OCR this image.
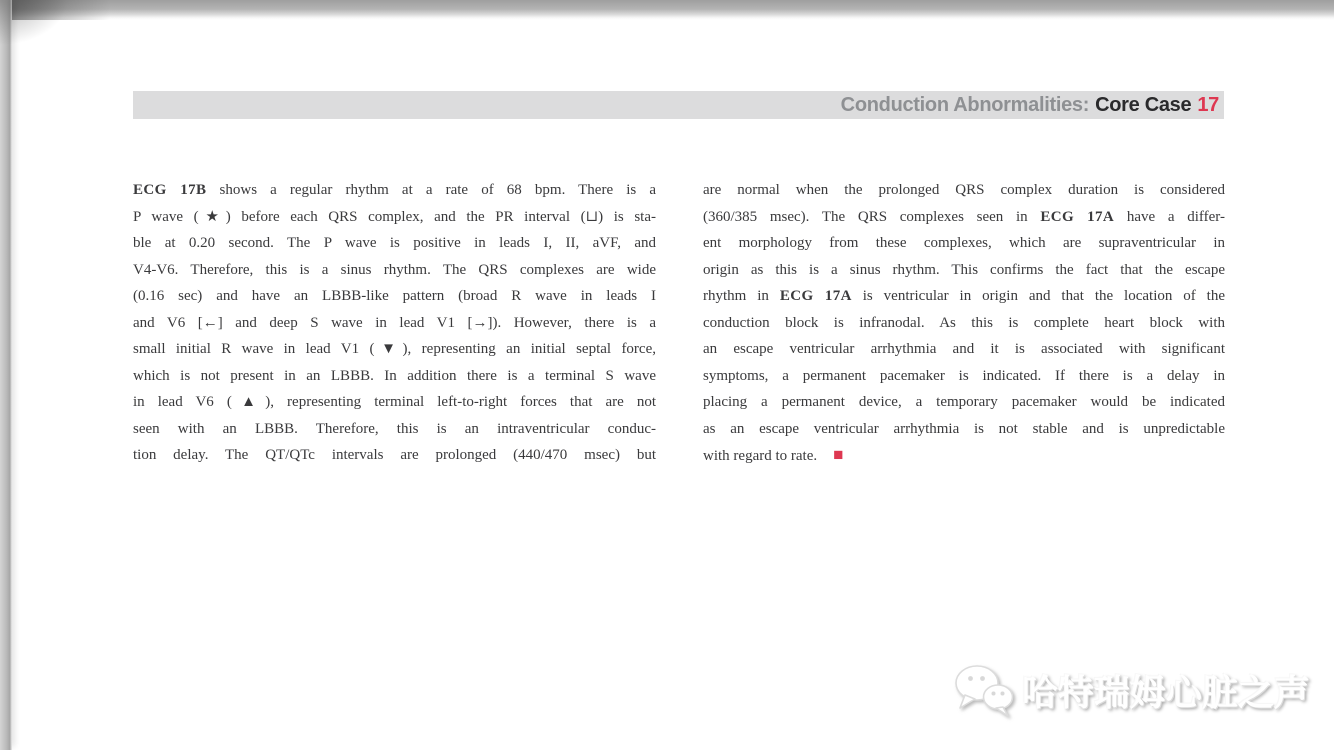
Conduction Abnormalities: Core Case 17
ECG 17B shows a regular rhythm at a rate of 68 bpm. There is a
P wave (★) before each QRS complex, and the PR interval (⊔) is sta-
ble at 0.20 second. The P wave is positive in leads I, II, aVF, and
V4-V6. Therefore, this is a sinus rhythm. The QRS complexes are wide
(0.16 sec) and have an LBBB-like pattern (broad R wave in leads I
and V6 [←] and deep S wave in lead V1 [→]). However, there is a
small initial R wave in lead V1 (▼), representing an initial septal force,
which is not present in an LBBB. In addition there is a terminal S wave
in lead V6 (▲), representing terminal left-to-right forces that are not
seen with an LBBB. Therefore, this is an intraventricular conduc-
tion delay. The QT/QTc intervals are prolonged (440/470 msec) but
are normal when the prolonged QRS complex duration is considered
(360/385 msec). The QRS complexes seen in ECG 17A have a differ-
ent morphology from these complexes, which are supraventricular in
origin as this is a sinus rhythm. This confirms the fact that the escape
rhythm in ECG 17A is ventricular in origin and that the location of the
conduction block is infranodal. As this is complete heart block with
an escape ventricular arrhythmia and it is associated with significant
symptoms, a permanent pacemaker is indicated. If there is a delay in
placing a permanent device, a temporary pacemaker would be indicated
as an escape ventricular arrhythmia is not stable and is unpredictable
with regard to rate. ■
哈特瑞姆心脏之声
